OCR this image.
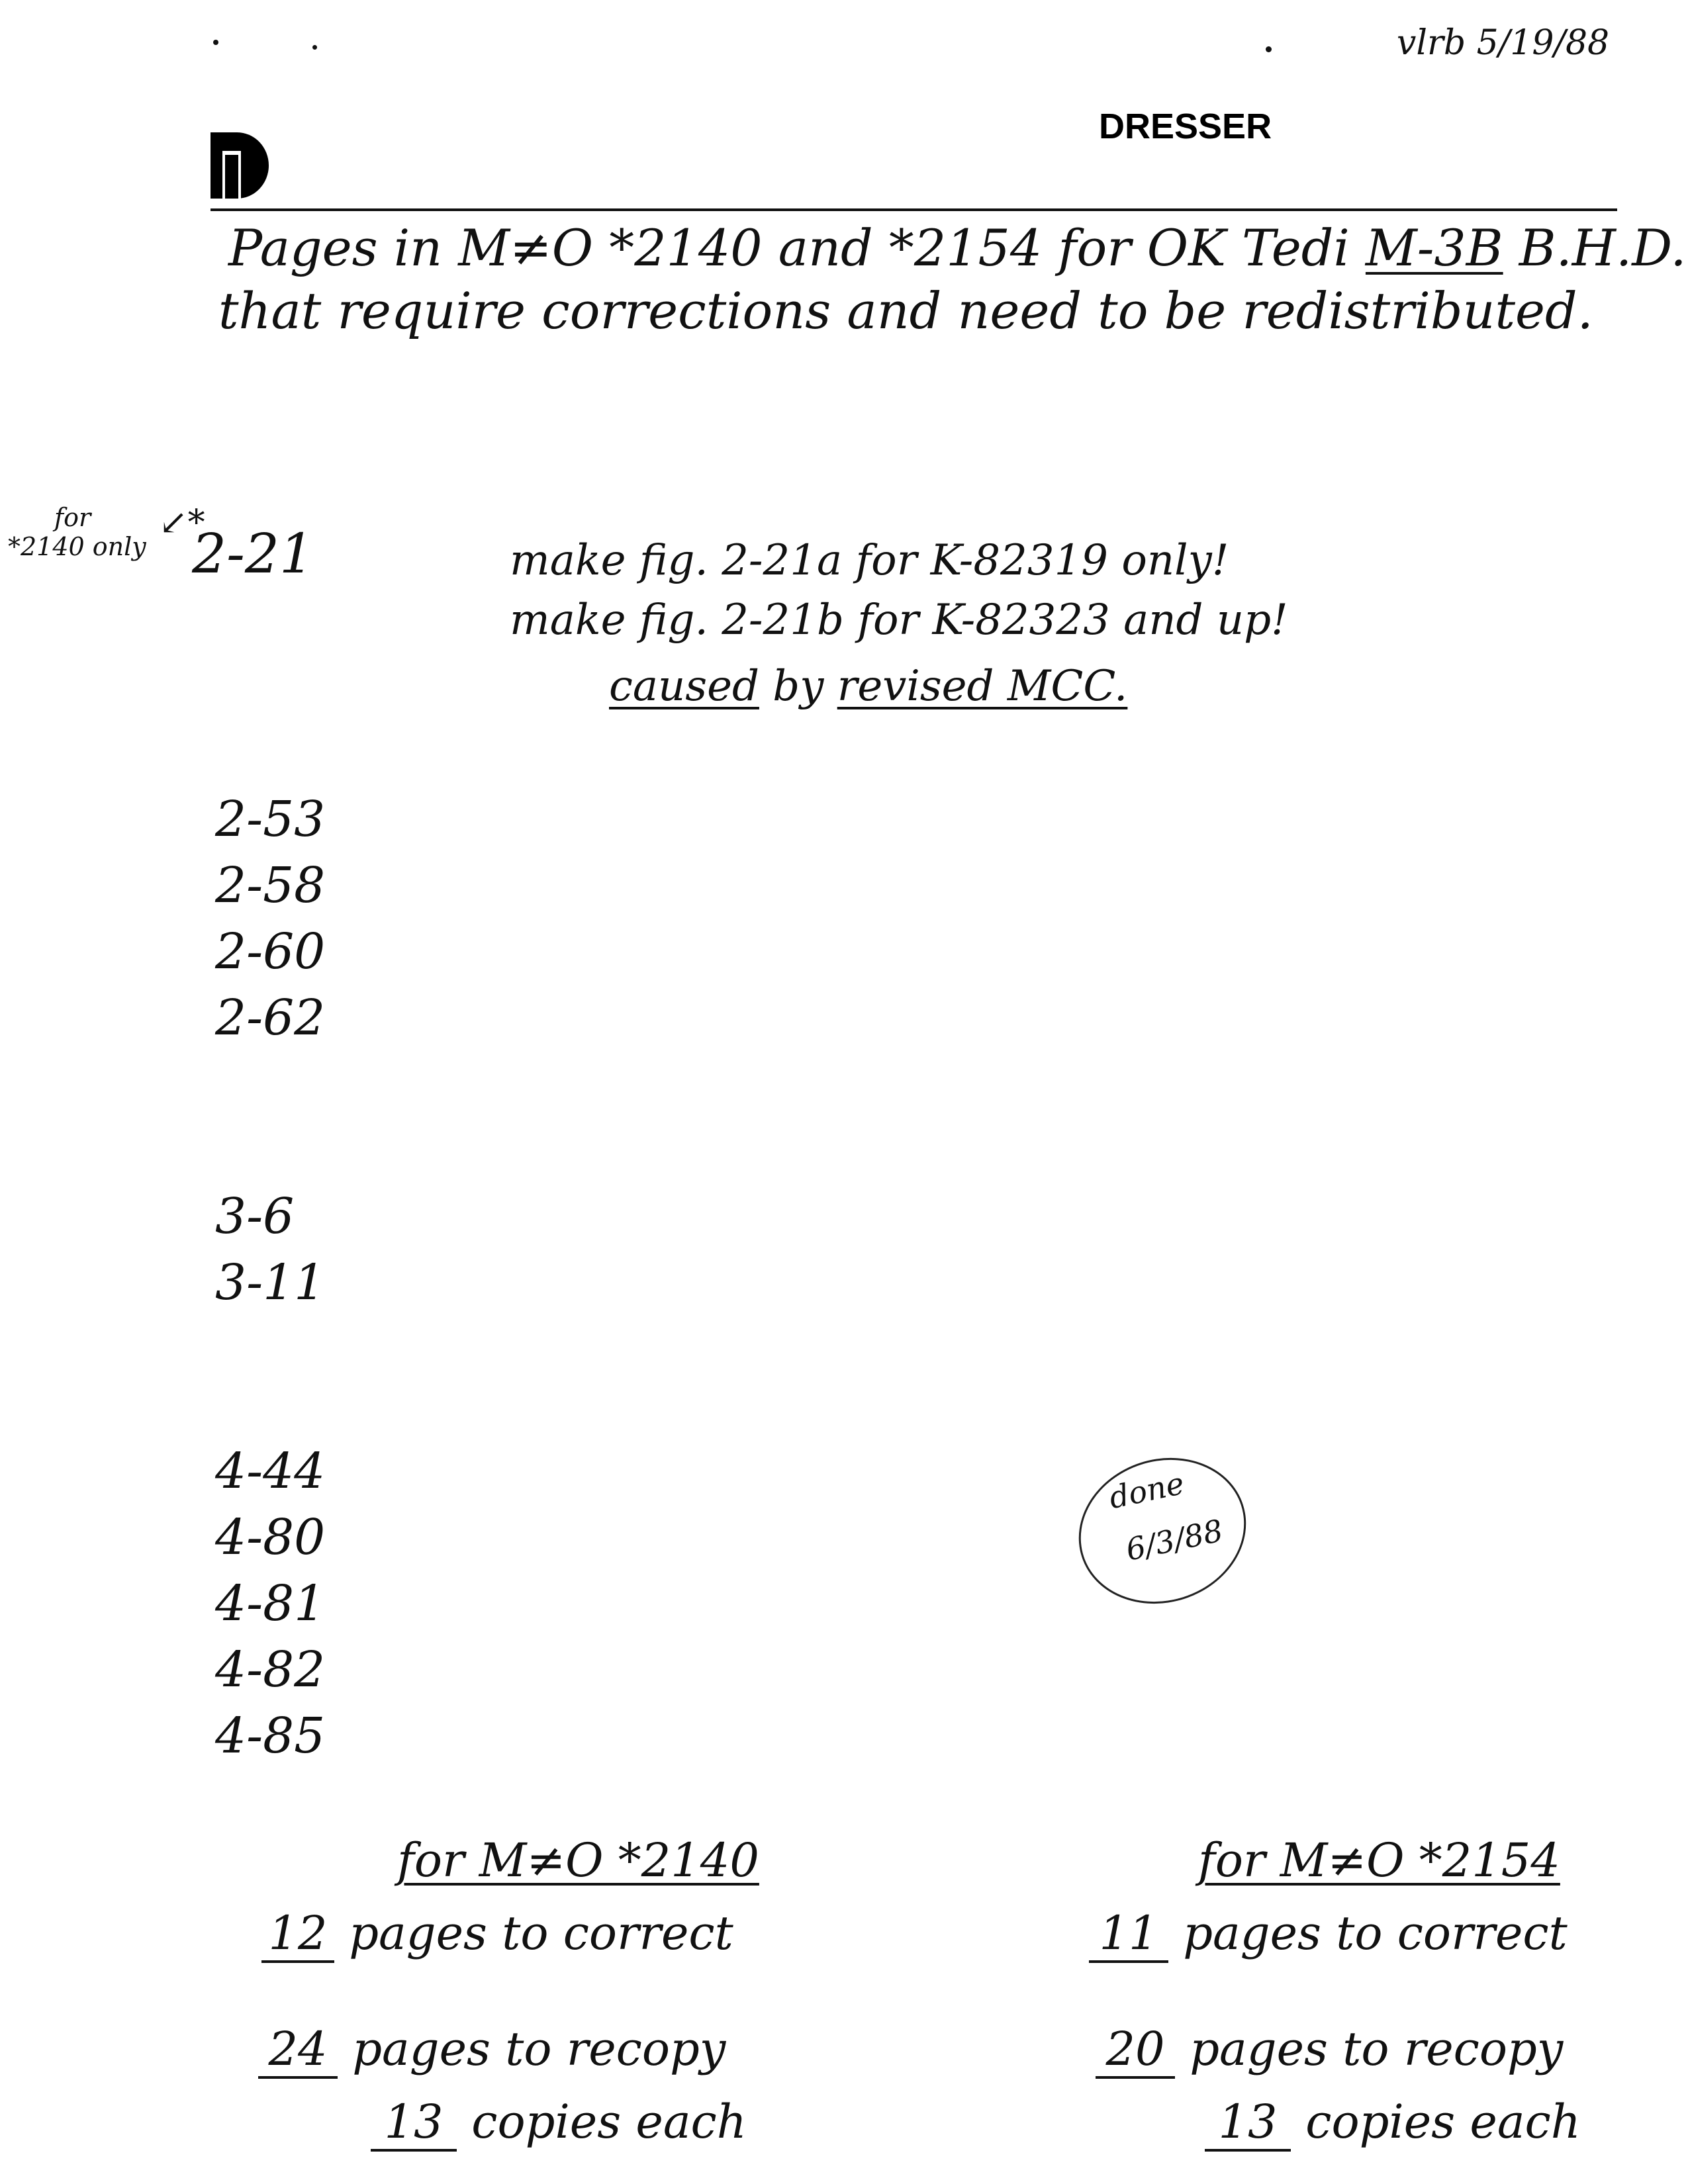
vlrb 5/19/88
DRESSER
Pages in M≠O *2140 and *2154 for OK Tedi M-3B B.H.D.
that require corrections and need to be redistributed.
for
*2140 only
↙*
2-21	make fig. 2-21a for K-82319 only!
make fig. 2-21b for K-82323 and up!
caused by revised MCC.
2-53
2-58
2-60
2-62
3-6
3-11
4-44
4-80
4-81
4-82
4-85
done
6/3/88
for M≠O *2140
12 pages to correct
24 pages to recopy
13 copies each
for M≠O *2154
11 pages to correct
20 pages to recopy
13 copies each
